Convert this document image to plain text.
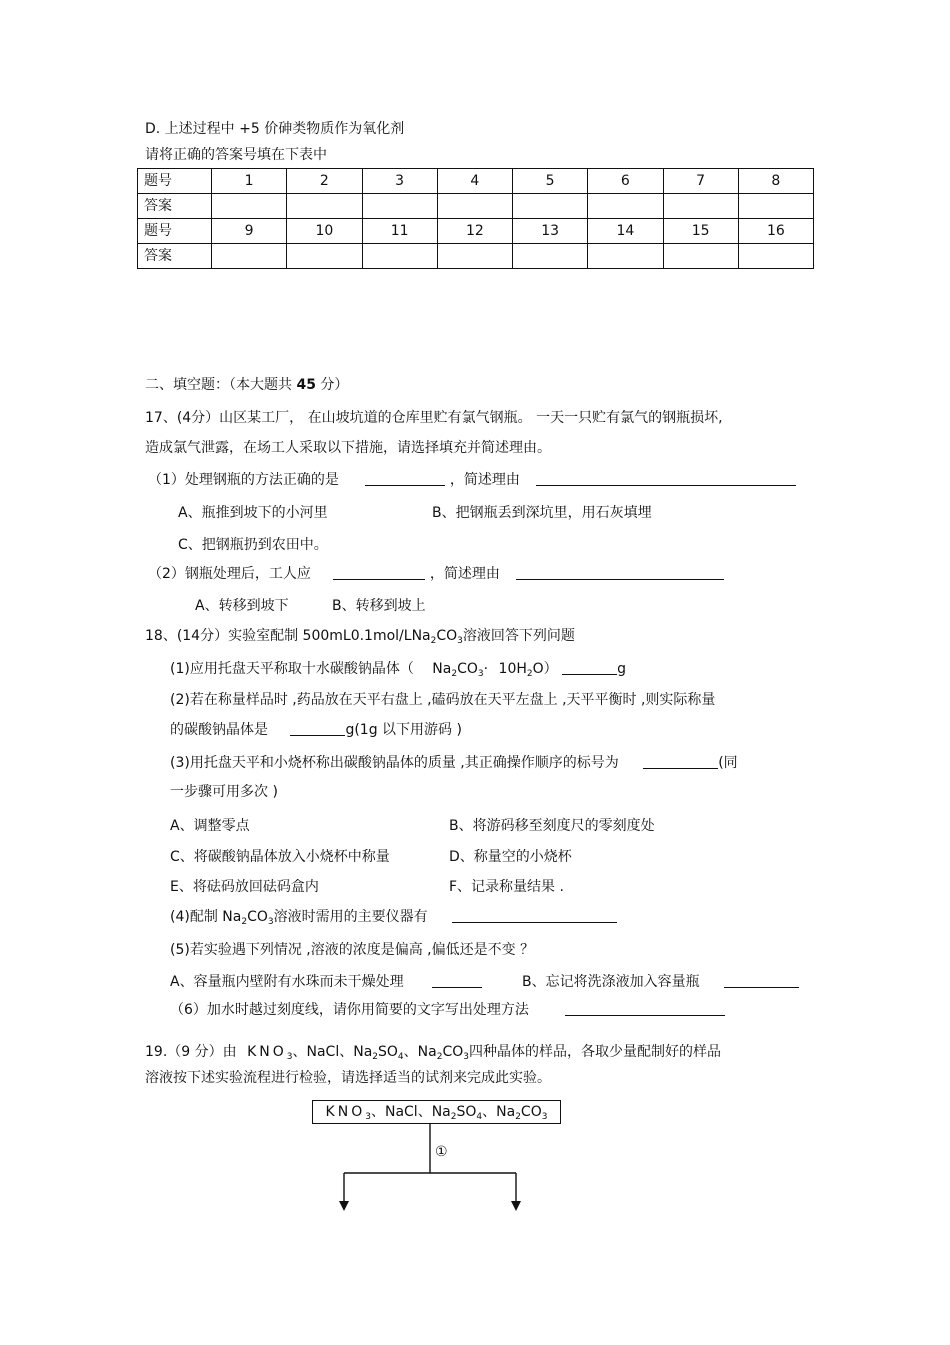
D. 上述过程中 +5 价砷类物质作为氧化剂
请将正确的答案号填在下表中
题号	1	2	3	4	5	6	7	8
答案								
题号	9	10	11	12	13	14	15	16
答案								
二、填空题：（本大题共 45 分）
17、(4分）山区某工厂， 在山坡坑道的仓库里贮有氯气钢瓶。 一天一只贮有氯气的钢瓶损坏,
造成氯气泄露，在场工人采取以下措施，请选择填充并简述理由。
（1）处理钢瓶的方法正确的是	，简述理由
A、瓶推到坡下的小河里	B、把钢瓶丢到深坑里，用石灰填埋
C、把钢瓶扔到农田中。
（2）钢瓶处理后，工人应	，简述理由
A、转移到坡下	B、转移到坡上
18、(14分）实验室配制 $500mL0.1mol/LNa_2CO_3$溶液回答下列问题
(1)应用托盘天平称取十水碳酸钠晶体（ $Na_2CO_3\cdot 10H_2O$）	g
(2)若在称量样品时 ,药品放在天平右盘上 ,磕码放在天平左盘上 ,天平平衡时 ,则实际称量
的碳酸钠晶体是	g(1g 以下用游码 )
(3)用托盘天平和小烧杯称出碳酸钠晶体的质量 ,其正确操作顺序的标号为	(同
一步骤可用多次 )
A、调整零点	B、将游码移至刻度尺的零刻度处
C、将碳酸钠晶体放入小烧杯中称量	D、称量空的小烧杯
E、将砝码放回砝码盒内	F、记录称量结果 .
(4)配制 $Na_2CO_3$溶液时需用的主要仪器有
(5)若实验遇下列情况 ,溶液的浓度是偏高 ,偏低还是不变 ？
A、容量瓶内壁附有水珠而未干燥处理	B、忘记将洗涤液加入容量瓶
（6）加水时越过刻度线，请你用简要的文字写出处理方法
19.（9 分）由 $KNO_3$、NaCl、$Na_2SO_4$、$Na_2CO_3$四种晶体的样品，各取少量配制好的样品
溶液按下述实验流程进行检验，请选择适当的试剂来完成此实验。
$KNO_3$、NaCl、$Na_2SO_4$、$Na_2CO_3$
①
